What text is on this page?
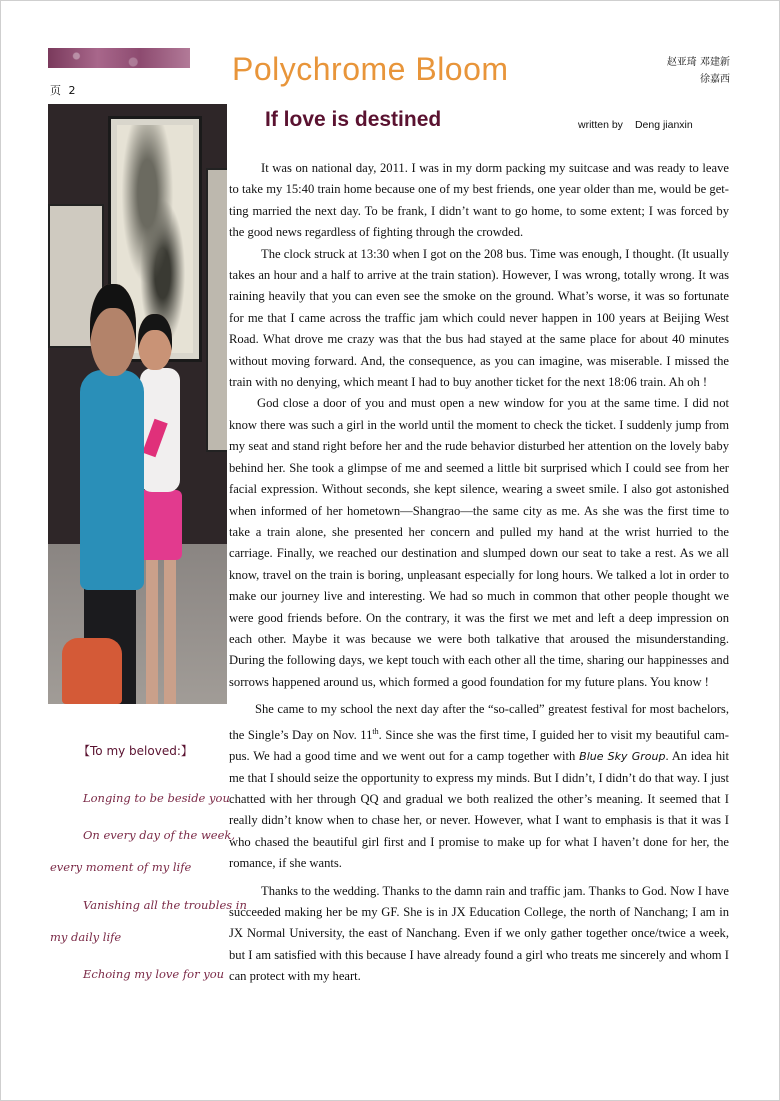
页 2
Polychrome Bloom	赵亚琦 邓建新
徐嘉西
If love is destined	written by Deng jianxin
【To my beloved:】
Longing to be beside you
On every day of the week,
every moment of my life
Vanishing all the troubles in
my daily life
Echoing my love for you

It was on national day, 2011. I was in my dorm packing my suitcase and was ready to leave to take my 15:40 train home because one of my best friends, one year older than me, would be get-ting married the next day. To be frank, I didn’t want to go home, to some extent; I was forced by the good news regardless of fighting through the crowded.

The clock struck at 13:30 when I got on the 208 bus. Time was enough, I thought. (It usually takes an hour and a half to arrive at the train station). However, I was wrong, totally wrong. It was raining heavily that you can even see the smoke on the ground. What’s worse, it was so fortunate for me that I came across the traffic jam which could never happen in 100 years at Beijing West Road. What drove me crazy was that the bus had stayed at the same place for about 40 minutes without moving forward. And, the consequence, as you can imagine, was miserable. I missed the train with no denying, which meant I had to buy another ticket for the next 18:06 train. Ah oh !

God close a door of you and must open a new window for you at the same time. I did not know there was such a girl in the world until the moment to check the ticket. I suddenly jump from my seat and stand right before her and the rude behavior disturbed her attention on the lovely baby behind her. She took a glimpse of me and seemed a little bit surprised which I could see from her facial expression. Without seconds, she kept silence, wearing a sweet smile. I also got astonished when informed of her hometown—Shangrao—the same city as me. As she was the first time to take a train alone, she presented her concern and pulled my hand at the wrist hurried to the carriage. Finally, we reached our destination and slumped down our seat to take a rest. As we all know, travel on the train is boring, unpleasant especially for long hours. We talked a lot in order to make our journey live and interesting. We had so much in common that other people thought we were good friends before. On the contrary, it was the first we met and left a deep impression on each other. Maybe it was because we were both talkative that aroused the misunderstanding. During the following days, we kept touch with each other all the time, sharing our happinesses and sorrows happened around us, which formed a good foundation for my future plans. You know !

She came to my school the next day after the “so-called” greatest festival for most bachelors, the Single’s Day on Nov. 11th. Since she was the first time, I guided her to visit my beautiful cam-pus. We had a good time and we went out for a camp together with Blue Sky Group. An idea hit me that I should seize the opportunity to express my minds. But I didn’t, I didn’t do that way. I just chatted with her through QQ and gradual we both realized the other’s meaning. It seemed that I really didn’t know when to chase her, or never. However, what I want to emphasis is that it was I who chased the beautiful girl first and I promise to make up for what I haven’t done for her, the romance, if she wants.

Thanks to the wedding. Thanks to the damn rain and traffic jam. Thanks to God. Now I have succeeded making her be my GF. She is in JX Education College, the north of Nanchang; I am in JX Normal University, the east of Nanchang. Even if we only gather together once/twice a week, but I am satisfied with this because I have already found a girl who treats me sincerely and whom I can protect with my heart.
